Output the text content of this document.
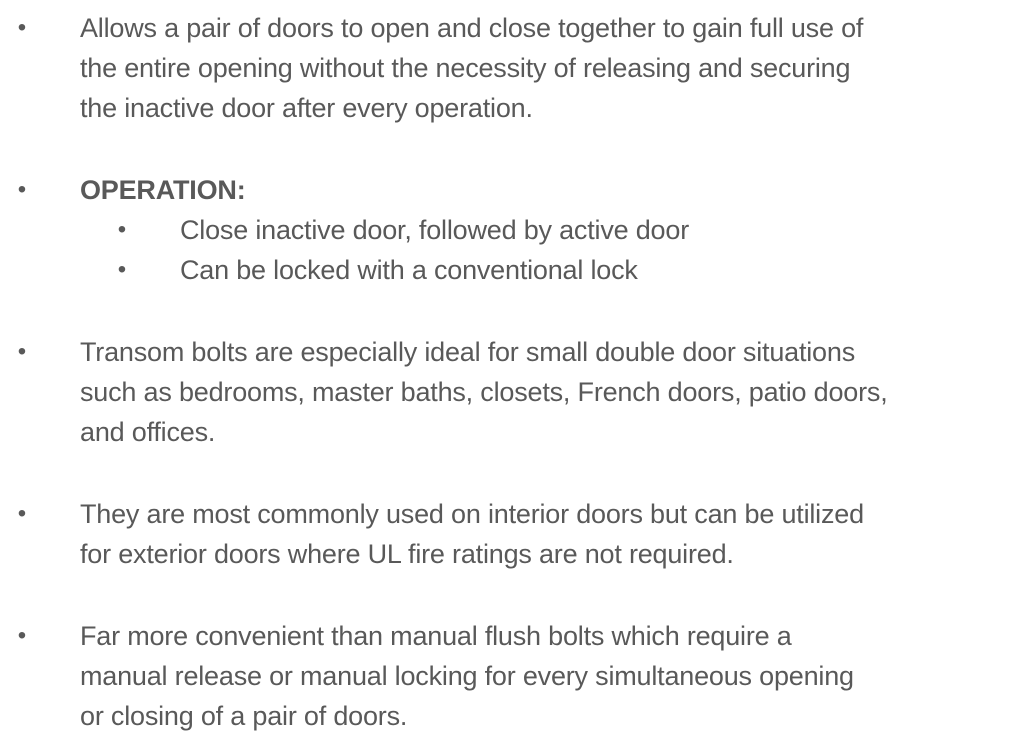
• Allows a pair of doors to open and close together to gain full use of
the entire opening without the necessity of releasing and securing
the inactive door after every operation.
• OPERATION:
• Close inactive door, followed by active door
• Can be locked with a conventional lock
• Transom bolts are especially ideal for small double door situations
such as bedrooms, master baths, closets, French doors, patio doors,
and offices.
• They are most commonly used on interior doors but can be utilized
for exterior doors where UL fire ratings are not required.
• Far more convenient than manual flush bolts which require a
manual release or manual locking for every simultaneous opening
or closing of a pair of doors.
